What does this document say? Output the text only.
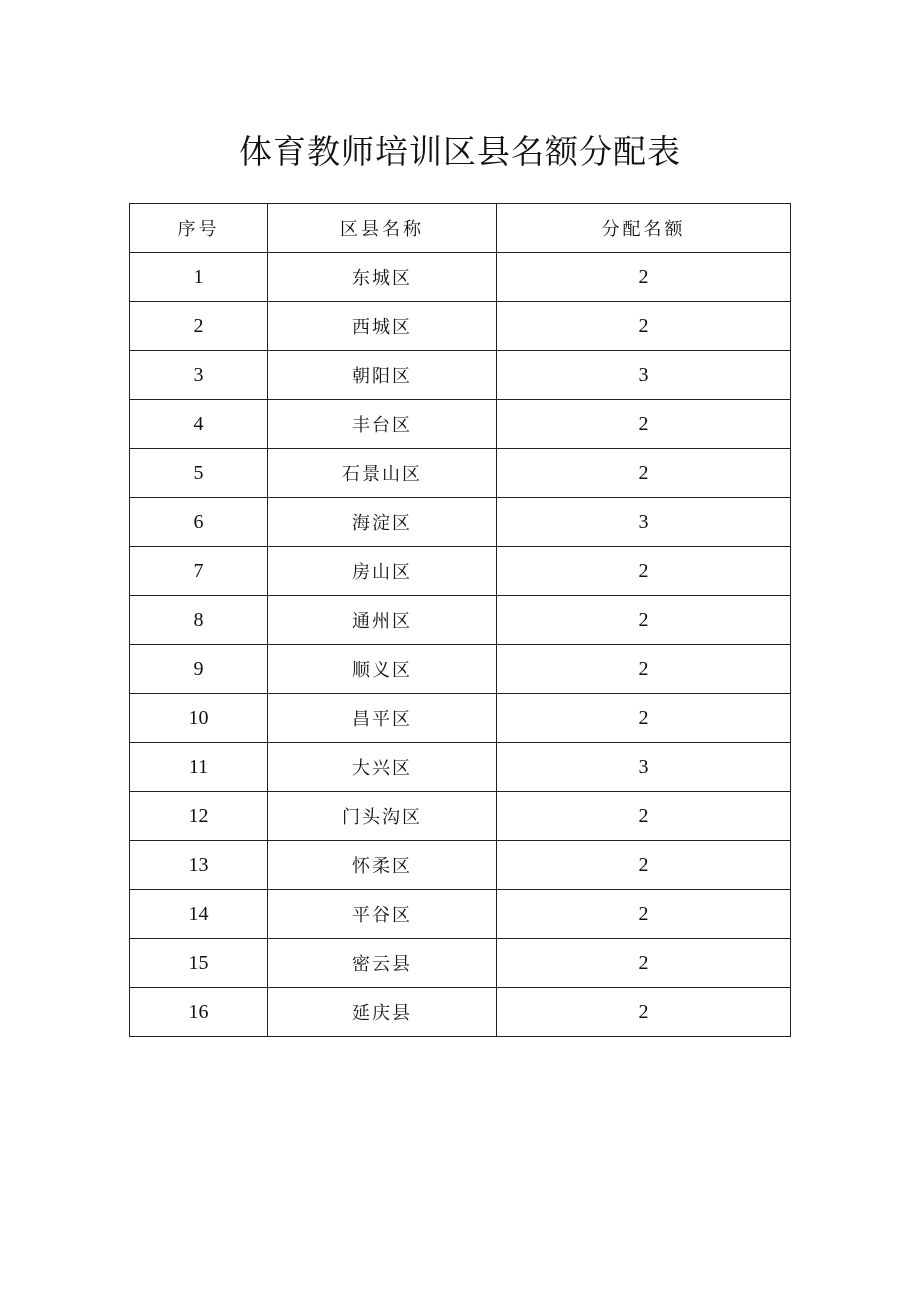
体育教师培训区县名额分配表
序号	区县名称	分配名额
1	东城区	2
2	西城区	2
3	朝阳区	3
4	丰台区	2
5	石景山区	2
6	海淀区	3
7	房山区	2
8	通州区	2
9	顺义区	2
10	昌平区	2
11	大兴区	3
12	门头沟区	2
13	怀柔区	2
14	平谷区	2
15	密云县	2
16	延庆县	2
